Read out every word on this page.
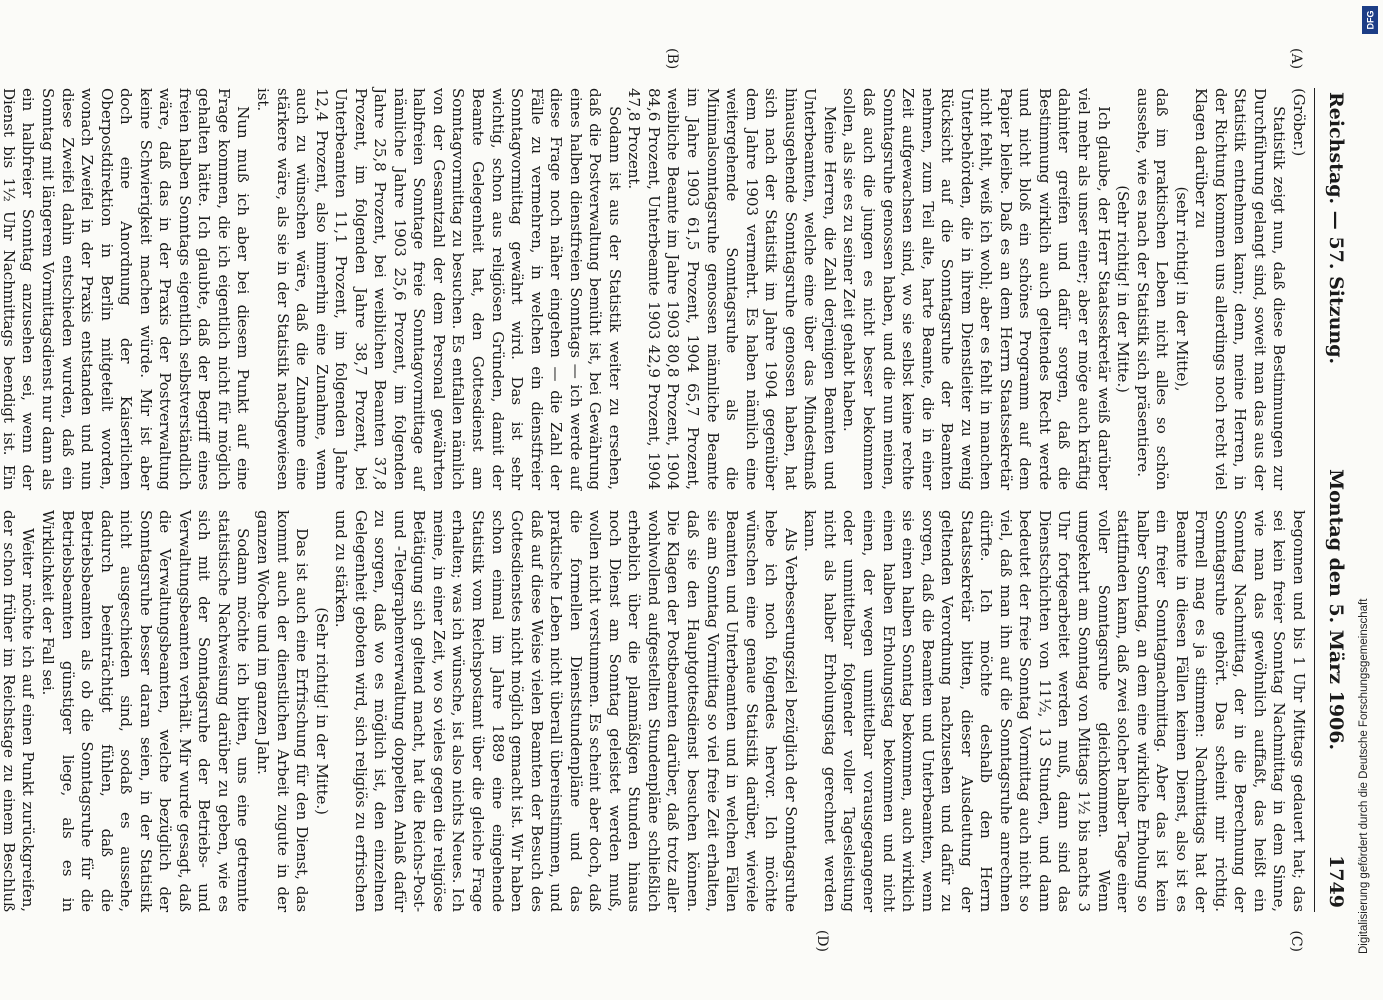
Reichstag. — 57. Sitzung.
Montag den 5. März 1906.
1749
(A)
(B)
(C)
(D)

(Gröber.)

Statistik zeigt nun, daß diese Bestimmungen zur Durchführung gelangt sind, soweit man das aus der Statistik entnehmen kann; denn, meine Herren, in der Richtung kommen uns allerdings noch recht viel Klagen darüber zu

(sehr richtig! in der Mitte),

daß im praktischen Leben nicht alles so schön aussehe, wie es nach der Statistik sich präsentiere.

(Sehr richtig! in der Mitte.)

Ich glaube, der Herr Staatssekretär weiß darüber viel mehr als unser einer; aber er möge auch kräftig dahinter greifen und dafür sorgen, daß die Bestimmung wirklich auch geltendes Recht werde und nicht bloß ein schönes Programm auf dem Papier bleibe. Daß es an dem Herrn Staatssekretär nicht fehlt, weiß ich wohl; aber es fehlt in manchen Unterbehörden, die in ihrem Dienstleiter zu wenig Rücksicht auf die Sonntagsruhe der Beamten nehmen, zum Teil alte, harte Beamte, die in einer Zeit aufgewachsen sind, wo sie selbst keine rechte Sonntagsruhe genossen haben, und die nun meinen, daß auch die jungen es nicht besser bekommen sollen, als sie es zu seiner Zeit gehabt haben.

Meine Herren, die Zahl derjenigen Beamten und Unterbeamten, welche eine über das Mindestmaß hinausgehende Sonntagsruhe genossen haben, hat sich nach der Statistik im Jahre 1904 gegenüber dem Jahre 1903 vermehrt. Es haben nämlich eine weitergehende Sonntagsruhe als die Minimalsonntagsruhe genossen männliche Beamte im Jahre 1903 61,5 Prozent, 1904 65,7 Prozent, weibliche Beamte im Jahre 1903 80,8 Prozent, 1904 84,6 Prozent, Unterbeamte 1903 42,9 Prozent, 1904 47,8 Prozent.

Sodann ist aus der Statistik weiter zu ersehen, daß die Postverwaltung bemüht ist, bei Gewährung eines halben dienstfreien Sonntags — ich werde auf diese Frage noch näher eingehen — die Zahl der Fälle zu vermehren, in welchen ein dienstfreier Sonntagvormittag gewährt wird. Das ist sehr wichtig, schon aus religiösen Gründen, damit der Beamte Gelegenheit hat, den Gottesdienst am Sonntagvormittag zu besuchen. Es entfallen nämlich von der Gesamtzahl der dem Personal gewährten halbfreien Sonntage freie Sonntagvormittage auf nämliche Jahre 1903 25,6 Prozent, im folgenden Jahre 25,8 Prozent, bei weiblichen Beamten 37,8 Prozent, im folgenden Jahre 38,7 Prozent, bei Unterbeamten 11,1 Prozent, im folgenden Jahre 12,4 Prozent, also immerhin eine Zunahme, wenn auch zu wünschen wäre, daß die Zunahme eine stärkere wäre, als sie in der Statistik nachgewiesen ist.

Nun muß ich aber bei diesem Punkt auf eine Frage kommen, die ich eigentlich nicht für möglich gehalten hätte. Ich glaubte, daß der Begriff eines freien halben Sonntags eigentlich selbstverständlich wäre, daß das in der Praxis der Postverwaltung keine Schwierigkeit machen würde. Mir ist aber doch eine Anordnung der Kaiserlichen Oberpostdirektion in Berlin mitgeteilt worden, wonach Zweifel in der Praxis entstanden und nun diese Zweifel dahin entschieden wurden, daß ein Sonntag mit längerem Vormittagsdienst nur dann als ein halbfreier Sonntag anzusehen sei, wenn der Dienst bis 1½ Uhr Nachmittags beendigt ist. Ein

begonnen und bis 1 Uhr Mittags gedauert hat; das sei kein freier Sonntag Nachmittag in dem Sinne, wie man das gewöhnlich auffaßt, das heißt ein Sonntag Nachmittag, der in die Berechnung der Sonntagsruhe gehört. Das scheint mir richtig. Formell mag es ja stimmen: Nachmittags hat der Beamte in diesen Fällen keinen Dienst, also ist es ein freier Sonntagnachmittag. Aber das ist kein halber Sonntag, an dem eine wirkliche Erholung so stattfinden kann, daß zwei solcher halber Tage einer voller Sonntagsruhe gleichkommen. Wenn umgekehrt am Sonntag von Mittags 1½ bis nachts 3 Uhr fortgearbeitet werden muß, dann sind das Dienstschichten von 11½, 13 Stunden, und dann bedeutet der freie Sonntag Vormittag auch nicht so viel, daß man ihn auf die Sonntagsruhe anrechnen dürfte. Ich möchte deshalb den Herrn Staatssekretär bitten, dieser Ausdeutung der geltenden Verordnung nachzusehen und dafür zu sorgen, daß die Beamten und Unterbeamten, wenn sie einen halben Sonntag bekommen, auch wirklich einen halben Erholungstag bekommen und nicht einen, der wegen unmittelbar vorausgegangener oder unmittelbar folgender voller Tagesleistung nicht als halber Erholungstag gerechnet werden kann.

Als Verbesserungsziel bezüglich der Sonntagsruhe hebe ich noch folgendes hervor. Ich möchte wünschen eine genaue Statistik darüber, wieviele Beamten und Unterbeamten und in welchen Fällen sie am Sonntag Vormittag so viel freie Zeit erhalten, daß sie den Hauptgottesdienst besuchen können. Die Klagen der Postbeamten darüber, daß trotz aller wohlwollend aufgestellten Stundenpläne schließlich erheblich über die planmäßigen Stunden hinaus noch Dienst am Sonntag geleistet werden muß, wollen nicht verstummen. Es scheint aber doch, daß die formellen Dienststundenpläne und das praktische Leben nicht überall übereinstimmen, und daß auf diese Weise vielen Beamten der Besuch des Gottesdienstes nicht möglich gemacht ist. Wir haben schon einmal im Jahre 1889 eine eingehende Statistik vom Reichspostamt über die gleiche Frage erhalten; was ich wünsche, ist also nichts Neues. Ich meine, in einer Zeit, wo so vieles gegen die religiöse Betätigung sich geltend macht, hat die Reichs-Post- und -Telegraphenverwaltung doppelten Anlaß dafür zu sorgen, daß wo es möglich ist, den einzelnen Gelegenheit geboten wird, sich religiös zu erfrischen und zu stärken.

(Sehr richtig! in der Mitte.)

Das ist auch eine Erfrischung für den Dienst, das kommt auch der dienstlichen Arbeit zugute in der ganzen Woche und im ganzen Jahr.

Sodann möchte ich bitten, uns eine getrennte statistische Nachweisung darüber zu geben, wie es sich mit der Sonntagsruhe der Betriebs- und Verwaltungsbeamten verhält. Mir wurde gesagt, daß die Verwaltungsbeamten, welche bezüglich der Sonntagsruhe besser daran seien, in der Statistik nicht ausgeschieden sind, sodaß es aussehe, dadurch beeinträchtigt fühlen, daß die Betriebsbeamten als ob die Sonntagsruhe für die Betriebsbeamten günstiger liege, als es in Wirklichkeit der Fall sei.

Weiter möchte ich auf einen Punkt zurückgreifen, der schon früher im Reichstage zu einem Beschluß

DFG
Digitalisierung gefördert durch die Deutsche Forschungsgemeinschaft
